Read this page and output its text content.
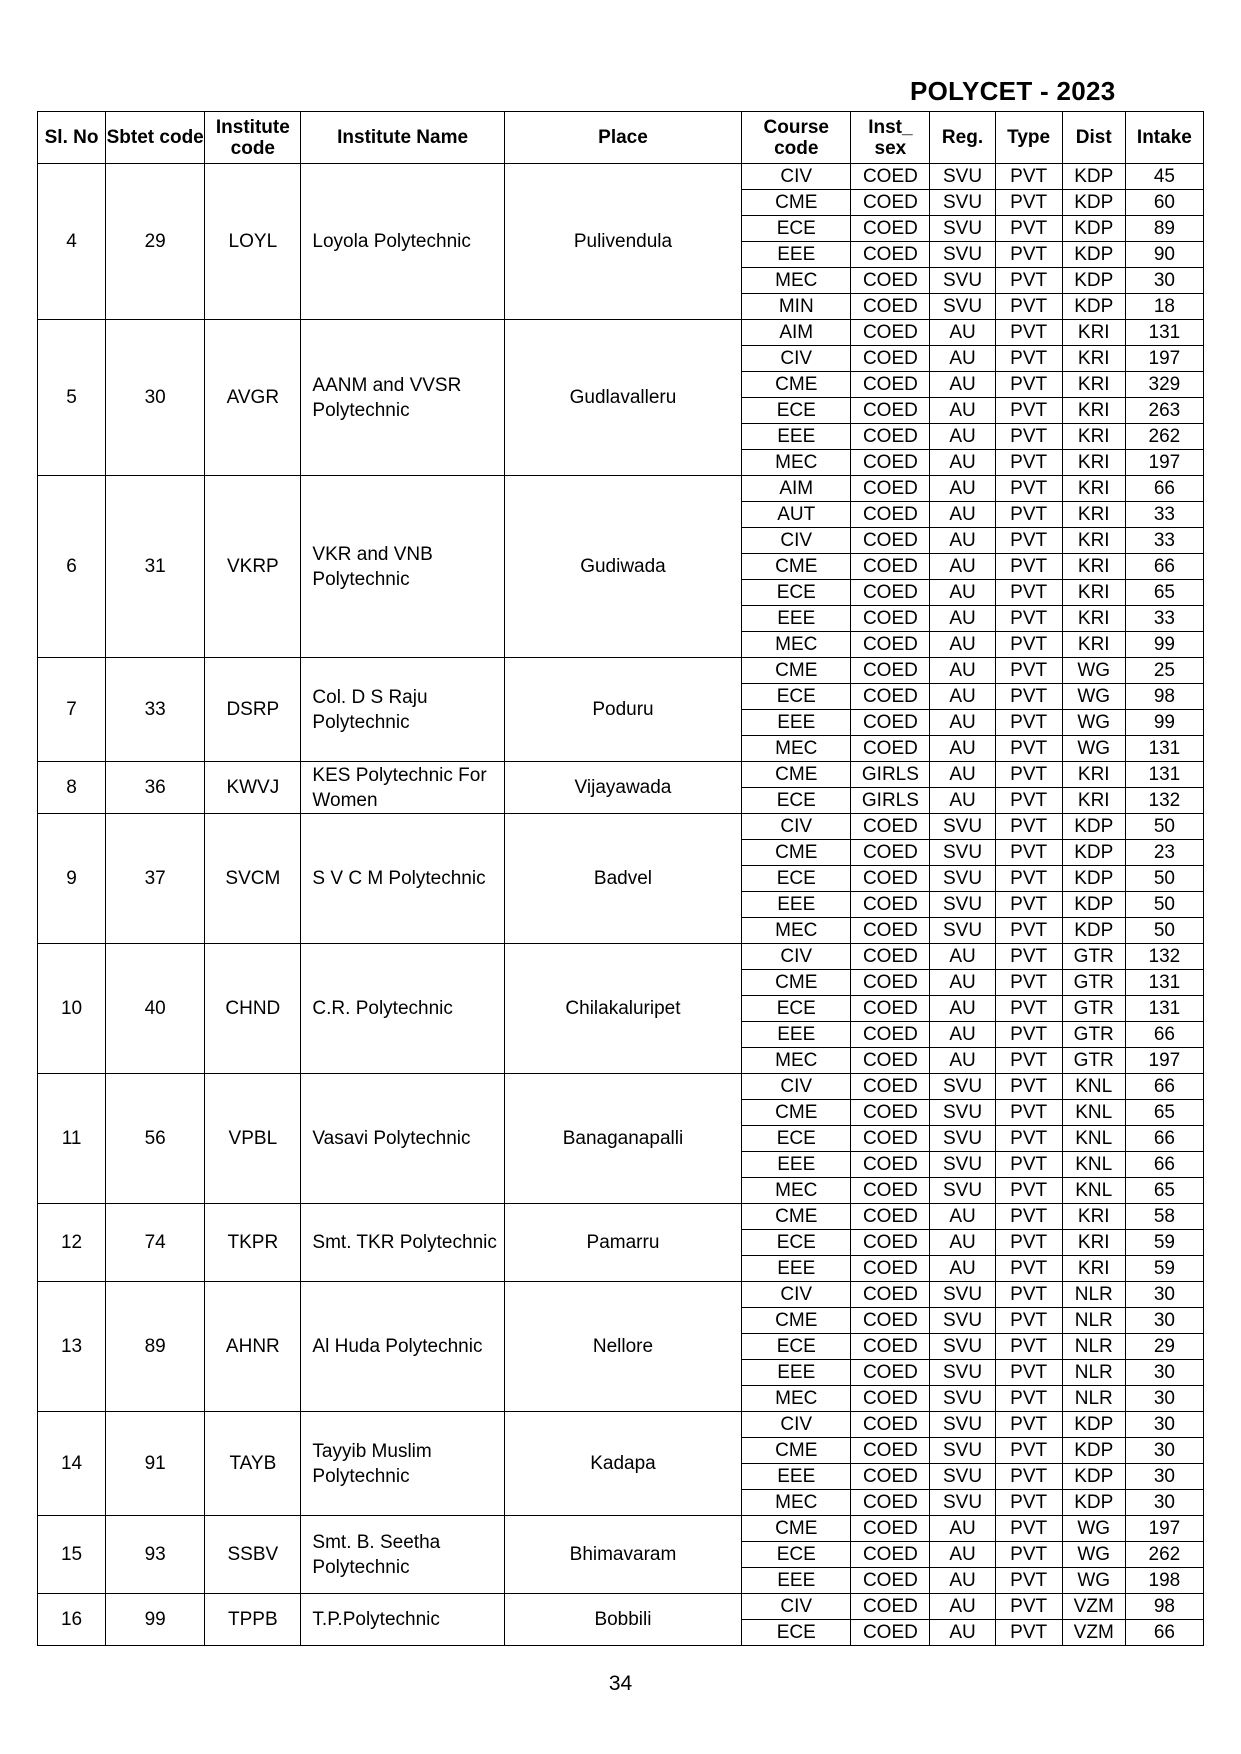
POLYCET - 2023
Sl. No	Sbtet code	Institute code	Institute Name	Place	Course code	Inst_ sex	Reg.	Type	Dist	Intake
4	29	LOYL	Loyola Polytechnic	Pulivendula	CIV	COED	SVU	PVT	KDP	45
					CME	COED	SVU	PVT	KDP	60
					ECE	COED	SVU	PVT	KDP	89
					EEE	COED	SVU	PVT	KDP	90
					MEC	COED	SVU	PVT	KDP	30
					MIN	COED	SVU	PVT	KDP	18
5	30	AVGR	AANM and VVSR Polytechnic	Gudlavalleru	AIM	COED	AU	PVT	KRI	131
					CIV	COED	AU	PVT	KRI	197
					CME	COED	AU	PVT	KRI	329
					ECE	COED	AU	PVT	KRI	263
					EEE	COED	AU	PVT	KRI	262
					MEC	COED	AU	PVT	KRI	197
6	31	VKRP	VKR and VNB Polytechnic	Gudiwada	AIM	COED	AU	PVT	KRI	66
					AUT	COED	AU	PVT	KRI	33
					CIV	COED	AU	PVT	KRI	33
					CME	COED	AU	PVT	KRI	66
					ECE	COED	AU	PVT	KRI	65
					EEE	COED	AU	PVT	KRI	33
					MEC	COED	AU	PVT	KRI	99
7	33	DSRP	Col. D S Raju Polytechnic	Poduru	CME	COED	AU	PVT	WG	25
					ECE	COED	AU	PVT	WG	98
					EEE	COED	AU	PVT	WG	99
					MEC	COED	AU	PVT	WG	131
8	36	KWVJ	KES Polytechnic For Women	Vijayawada	CME	GIRLS	AU	PVT	KRI	131
					ECE	GIRLS	AU	PVT	KRI	132
9	37	SVCM	S V C M Polytechnic	Badvel	CIV	COED	SVU	PVT	KDP	50
					CME	COED	SVU	PVT	KDP	23
					ECE	COED	SVU	PVT	KDP	50
					EEE	COED	SVU	PVT	KDP	50
					MEC	COED	SVU	PVT	KDP	50
10	40	CHND	C.R. Polytechnic	Chilakaluripet	CIV	COED	AU	PVT	GTR	132
					CME	COED	AU	PVT	GTR	131
					ECE	COED	AU	PVT	GTR	131
					EEE	COED	AU	PVT	GTR	66
					MEC	COED	AU	PVT	GTR	197
11	56	VPBL	Vasavi Polytechnic	Banaganapalli	CIV	COED	SVU	PVT	KNL	66
					CME	COED	SVU	PVT	KNL	65
					ECE	COED	SVU	PVT	KNL	66
					EEE	COED	SVU	PVT	KNL	66
					MEC	COED	SVU	PVT	KNL	65
12	74	TKPR	Smt. TKR Polytechnic	Pamarru	CME	COED	AU	PVT	KRI	58
					ECE	COED	AU	PVT	KRI	59
					EEE	COED	AU	PVT	KRI	59
13	89	AHNR	Al Huda Polytechnic	Nellore	CIV	COED	SVU	PVT	NLR	30
					CME	COED	SVU	PVT	NLR	30
					ECE	COED	SVU	PVT	NLR	29
					EEE	COED	SVU	PVT	NLR	30
					MEC	COED	SVU	PVT	NLR	30
14	91	TAYB	Tayyib Muslim Polytechnic	Kadapa	CIV	COED	SVU	PVT	KDP	30
					CME	COED	SVU	PVT	KDP	30
					EEE	COED	SVU	PVT	KDP	30
					MEC	COED	SVU	PVT	KDP	30
15	93	SSBV	Smt. B. Seetha Polytechnic	Bhimavaram	CME	COED	AU	PVT	WG	197
					ECE	COED	AU	PVT	WG	262
					EEE	COED	AU	PVT	WG	198
16	99	TPPB	T.P.Polytechnic	Bobbili	CIV	COED	AU	PVT	VZM	98
					ECE	COED	AU	PVT	VZM	66
34
